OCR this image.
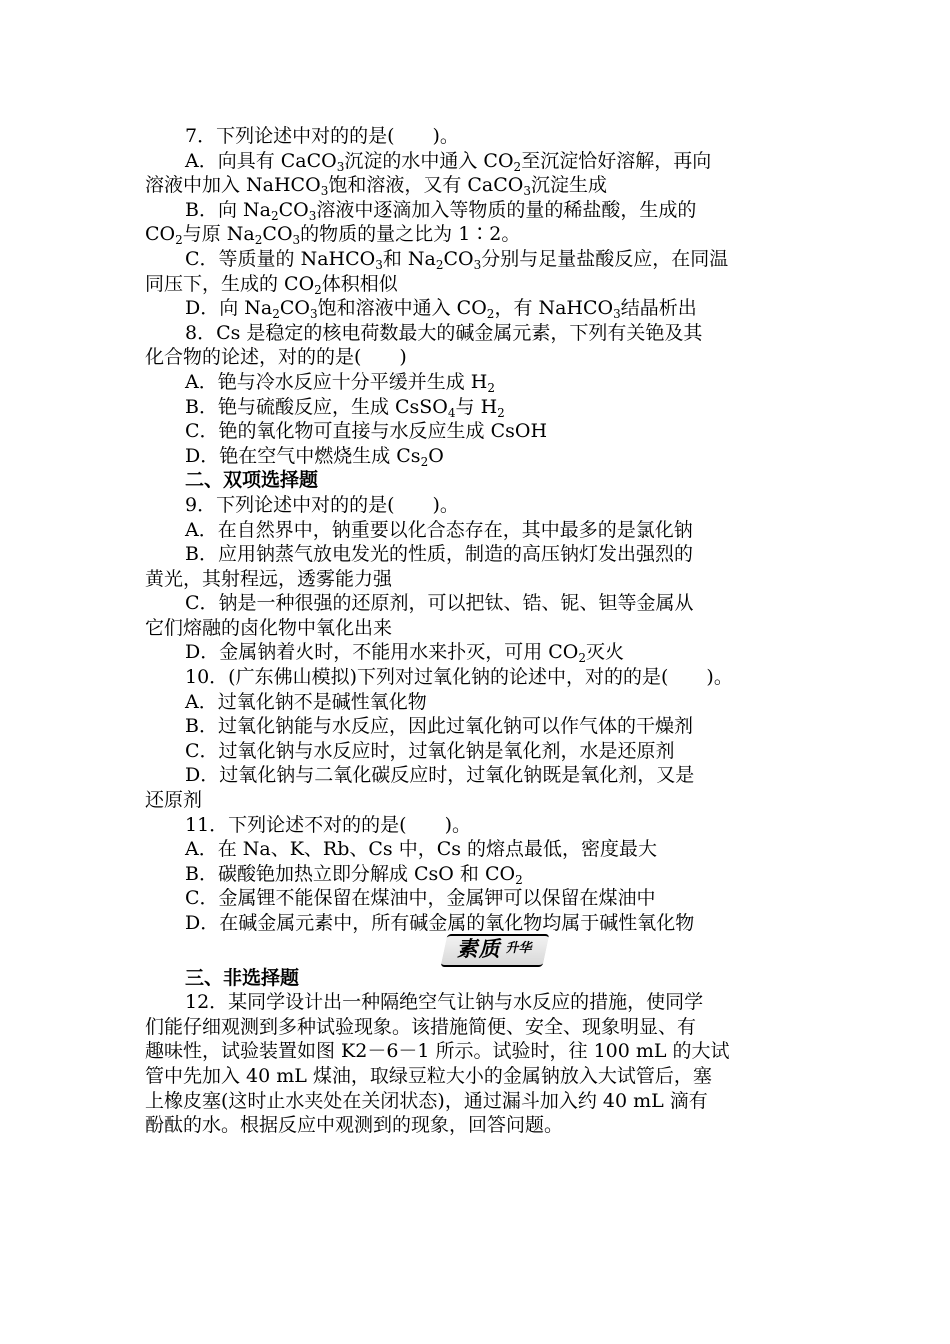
7．下列论述中对的的是(　　)。
A．向具有 CaCO$_3$沉淀的水中通入 $CO_2$至沉淀恰好溶解，再向
溶液中加入 NaHCO$_3$饱和溶液，又有 CaCO$_3$沉淀生成
B．向 $Na_2CO_3$溶液中逐滴加入等物质的量的稀盐酸，生成的
$CO_2$与原 $Na_2CO_3$的物质的量之比为 1∶2。
C．等质量的 NaHCO$_3$和 $Na_2CO_3$分别与足量盐酸反应，在同温
同压下，生成的 $CO_2$体积相似
D．向 $Na_2CO_3$饱和溶液中通入 $CO_2$，有 NaHCO$_3$结晶析出
8．Cs 是稳定的核电荷数最大的碱金属元素，下列有关铯及其
化合物的论述，对的的是(　　)
A．铯与冷水反应十分平缓并生成 $H_2$
B．铯与硫酸反应，生成 CsSO$_4$与 $H_2$
C．铯的氧化物可直接与水反应生成 CsOH
D．铯在空气中燃烧生成 $Cs_2O$
二、双项选择题
9．下列论述中对的的是(　　)。
A．在自然界中，钠重要以化合态存在，其中最多的是氯化钠
B．应用钠蒸气放电发光的性质，制造的高压钠灯发出强烈的
黄光，其射程远，透雾能力强
C．钠是一种很强的还原剂，可以把钛、锆、铌、钽等金属从
它们熔融的卤化物中氧化出来
D．金属钠着火时，不能用水来扑灭，可用 $CO_2$灭火
10．(广东佛山模拟)下列对过氧化钠的论述中，对的的是(　　)。
A．过氧化钠不是碱性氧化物
B．过氧化钠能与水反应，因此过氧化钠可以作气体的干燥剂
C．过氧化钠与水反应时，过氧化钠是氧化剂，水是还原剂
D．过氧化钠与二氧化碳反应时，过氧化钠既是氧化剂，又是
还原剂
11．下列论述不对的的是(　　)。
A．在 Na、K、Rb、Cs 中，Cs 的熔点最低，密度最大
B．碳酸铯加热立即分解成 CsO 和 $CO_2$
C．金属锂不能保留在煤油中，金属钾可以保留在煤油中
D．在碱金属元素中，所有碱金属的氧化物均属于碱性氧化物
素质 升华
三、非选择题
12．某同学设计出一种隔绝空气让钠与水反应的措施，使同学
们能仔细观测到多种试验现象。该措施简便、安全、现象明显、有
趣味性，试验装置如图 K2－6－1 所示。试验时，往 100 mL 的大试
管中先加入 40 mL 煤油，取绿豆粒大小的金属钠放入大试管后，塞
上橡皮塞(这时止水夹处在关闭状态)，通过漏斗加入约 40 mL 滴有
酚酞的水。根据反应中观测到的现象，回答问题。
